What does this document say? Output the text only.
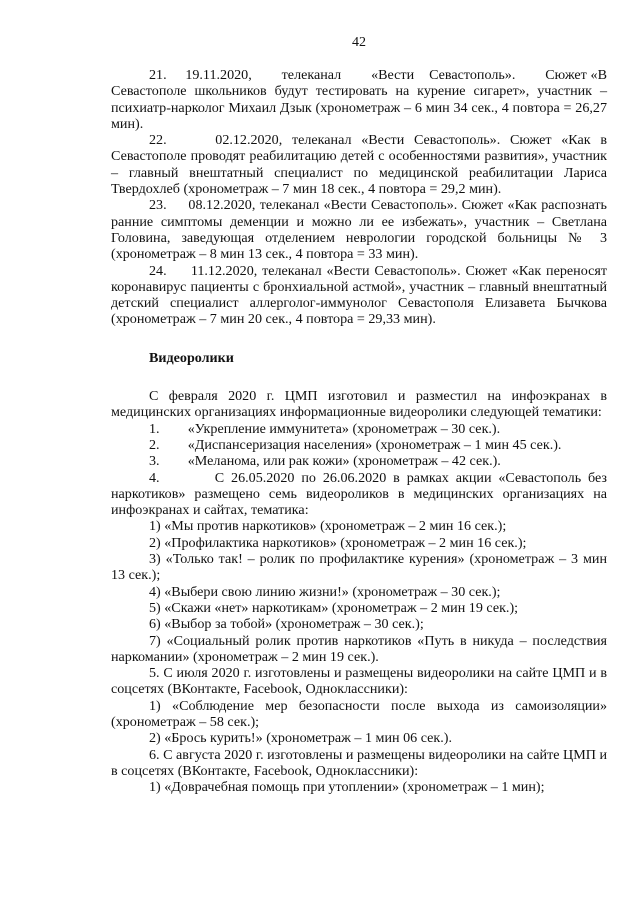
42

21.     19.11.2020,        телеканал        «Вести    Севастополь».        Сюжет «В Севастополе школьников будут тестировать на курение сигарет», участник – психиатр-нарколог Михаил Дзык (хронометраж – 6 мин 34 сек., 4 повтора = 26,27 мин).

22.     02.12.2020, телеканал «Вести Севастополь». Сюжет «Как в Севастополе проводят реабилитацию детей с особенностями развития», участник – главный внештатный специалист по медицинской реабилитации Лариса Твердохлеб (хронометраж – 7 мин 18 сек., 4 повтора = 29,2 мин).

23.     08.12.2020, телеканал «Вести Севастополь». Сюжет «Как распознать ранние симптомы деменции и можно ли ее избежать», участник – Светлана Головина, заведующая отделением неврологии городской больницы № 3 (хронометраж – 8 мин 13 сек., 4 повтора = 33 мин).

24.     11.12.2020, телеканал «Вести Севастополь». Сюжет «Как переносят коронавирус пациенты с бронхиальной астмой», участник – главный внештатный детский специалист аллерголог-иммунолог Севастополя Елизавета Бычкова (хронометраж – 7 мин 20 сек., 4 повтора = 29,33 мин).

Видеоролики

С февраля 2020 г. ЦМП изготовил и разместил на инфоэкранах в медицинских организациях информационные видеоролики следующей тематики:

1.        «Укрепление иммунитета» (хронометраж – 30 сек.).

2.        «Диспансеризация населения» (хронометраж – 1 мин 45 сек.).

3.        «Меланома, или рак кожи» (хронометраж – 42 сек.).

4.        С 26.05.2020 по 26.06.2020 в рамках акции «Севастополь без наркотиков» размещено семь видеороликов в медицинских организациях на инфоэкранах и сайтах, тематика:

1) «Мы против наркотиков» (хронометраж – 2 мин 16 сек.);

2) «Профилактика наркотиков» (хронометраж – 2 мин 16 сек.);

3) «Только так! – ролик по профилактике курения» (хронометраж – 3 мин 13 сек.);

4) «Выбери свою линию жизни!» (хронометраж – 30 сек.);

5) «Скажи «нет» наркотикам» (хронометраж – 2 мин 19 сек.);

6) «Выбор за тобой» (хронометраж – 30 сек.);

7) «Социальный ролик против наркотиков «Путь в никуда – последствия наркомании» (хронометраж – 2 мин 19 сек.).

5. С июля 2020 г. изготовлены и размещены видеоролики на сайте ЦМП и в соцсетях (ВКонтакте, Facebook, Одноклассники):

1) «Соблюдение мер безопасности после выхода из самоизоляции» (хронометраж – 58 сек.);

2) «Брось курить!» (хронометраж – 1 мин 06 сек.).

6. С августа 2020 г. изготовлены и размещены видеоролики на сайте ЦМП и в соцсетях (ВКонтакте, Facebook, Одноклассники):

1) «Доврачебная помощь при утоплении» (хронометраж – 1 мин);
